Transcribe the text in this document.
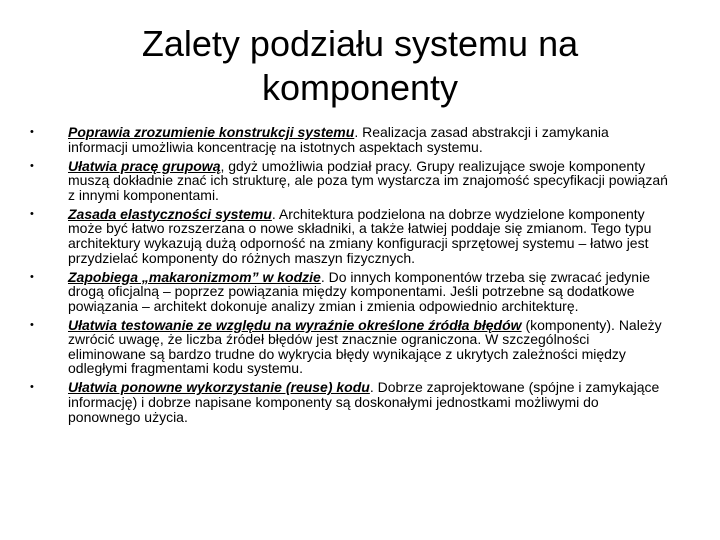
Zalety podziału systemu na komponenty
•	Poprawia zrozumienie konstrukcji systemu. Realizacja zasad abstrakcji i zamykania informacji umożliwia koncentrację na istotnych aspektach systemu.
•	Ułatwia pracę grupową, gdyż umożliwia podział pracy. Grupy realizujące swoje komponenty muszą dokładnie znać ich strukturę, ale poza tym wystarcza im znajomość specyfikacji powiązań z innymi komponentami.
•	Zasada elastyczności systemu. Architektura podzielona na dobrze wydzielone komponenty może być łatwo rozszerzana o nowe składniki, a także łatwiej poddaje się zmianom. Tego typu architektury wykazują dużą odporność na zmiany konfiguracji sprzętowej systemu – łatwo jest przydzielać komponenty do różnych maszyn fizycznych.
•	Zapobiega „makaronizmom” w kodzie. Do innych komponentów trzeba się zwracać jedynie drogą oficjalną – poprzez powiązania między komponentami. Jeśli potrzebne są dodatkowe powiązania – architekt dokonuje analizy zmian i zmienia odpowiednio architekturę.
•	Ułatwia testowanie ze względu na wyraźnie określone źródła błędów (komponenty). Należy zwrócić uwagę, że liczba źródeł błędów jest znacznie ograniczona. W szczególności eliminowane są bardzo trudne do wykrycia błędy wynikające z ukrytych zależności między odległymi fragmentami kodu systemu.
•	Ułatwia ponowne wykorzystanie (reuse) kodu. Dobrze zaprojektowane (spójne i zamykające informację) i dobrze napisane komponenty są doskonałymi jednostkami możliwymi do ponownego użycia.
